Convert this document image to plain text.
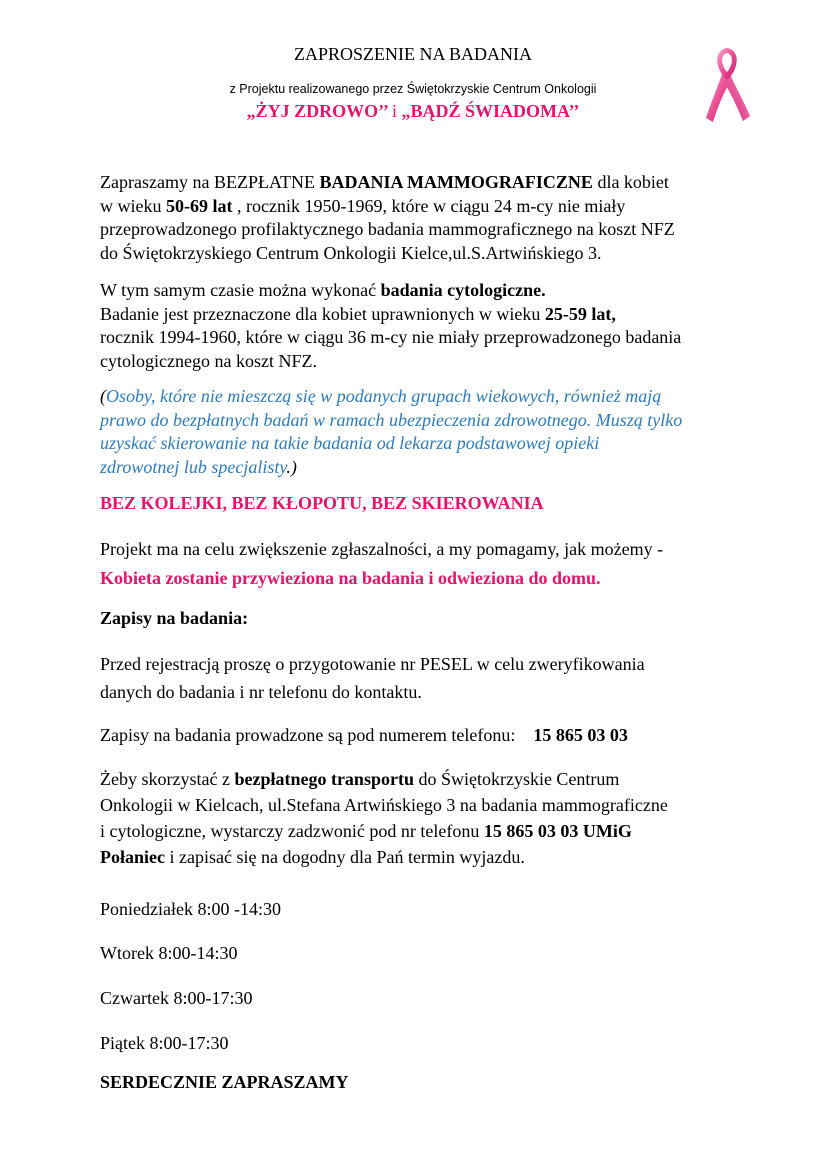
ZAPROSZENIE NA BADANIA

z Projektu realizowanego przez Świętokrzyskie Centrum Onkologii

„ŻYJ ZDROWO’’ i „BĄDŹ ŚWIADOMA’’

Zapraszamy na BEZPŁATNE BADANIA MAMMOGRAFICZNE dla kobiet
w wieku 50-69 lat , rocznik 1950-1969, które w ciągu 24 m-cy nie miały
przeprowadzonego profilaktycznego badania mammograficznego na koszt NFZ
do Świętokrzyskiego Centrum Onkologii Kielce,ul.S.Artwińskiego 3.

W tym samym czasie można wykonać badania cytologiczne.
Badanie jest przeznaczone dla kobiet uprawnionych w wieku 25-59 lat,
rocznik 1994-1960, które w ciągu 36 m-cy nie miały przeprowadzonego badania
cytologicznego na koszt NFZ.

(Osoby, które nie mieszczą się w podanych grupach wiekowych, również mają
prawo do bezpłatnych badań w ramach ubezpieczenia zdrowotnego. Muszą tylko
uzyskać skierowanie na takie badania od lekarza podstawowej opieki
zdrowotnej lub specjalisty.)

BEZ KOLEJKI, BEZ KŁOPOTU, BEZ SKIEROWANIA

Projekt ma na celu zwiększenie zgłaszalności, a my pomagamy, jak możemy -
Kobieta zostanie przywieziona na badania i odwieziona do domu.

Zapisy na badania:

Przed rejestracją proszę o przygotowanie nr PESEL w celu zweryfikowania
danych do badania i nr telefonu do kontaktu.

Zapisy na badania prowadzone są pod numerem telefonu: 15 865 03 03

Żeby skorzystać z bezpłatnego transportu do Świętokrzyskie Centrum
Onkologii w Kielcach, ul.Stefana Artwińskiego 3 na badania mammograficzne
i cytologiczne, wystarczy zadzwonić pod nr telefonu 15 865 03 03 UMiG
Połaniec i zapisać się na dogodny dla Pań termin wyjazdu.

Poniedziałek 8:00 -14:30

Wtorek 8:00-14:30

Czwartek 8:00-17:30

Piątek 8:00-17:30

SERDECZNIE ZAPRASZAMY
